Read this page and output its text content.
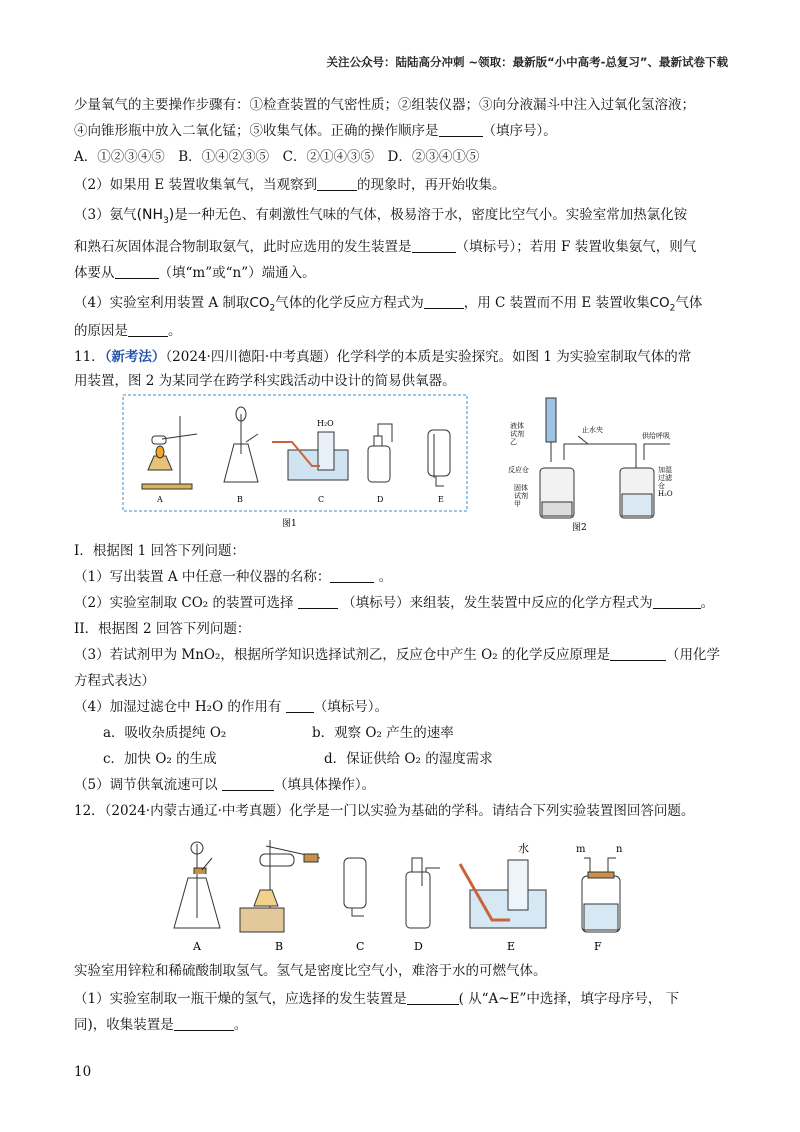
关注公众号：陆陆高分冲刺 ~领取：最新版“小中高考-总复习”、最新试卷下载
少量氧气的主要操作步骤有：①检查装置的气密性质；②组装仪器；③向分液漏斗中注入过氧化氢溶液；
④向锥形瓶中放入二氧化锰；⑤收集气体。正确的操作顺序是	（填序号）。
A．①②③④⑤　B．①④②③⑤　C．②①④③⑤　D．②③④①⑤
（2）如果用 E 装置收集氧气，当观察到	的现象时，再开始收集。
（3）氨气$(NH_3)$是一种无色、有刺激性气味的气体，极易溶于水，密度比空气小。实验室常加热氯化铵
和熟石灰固体混合物制取氨气，此时应选用的发生装置是	（填标号）；若用 F 装置收集氨气，则气
体要从	（填“m”或“n”）端通入。
（4）实验室利用装置 A 制取$CO_2$气体的化学反应方程式为	，用 C 装置而不用 E 装置收集$CO_2$气体
的原因是	。
11．（新考法）（2024·四川德阳·中考真题）化学科学的本质是实验探究。如图 1 为实验室制取气体的常
用装置，图 2 为某同学在跨学科实践活动中设计的简易供氧器。
H₂O
A	B	C	D	E
图1
液体
试剂
乙
止水夹
供给呼吸
反应仓
固体
试剂
甲
加湿
过滤
仓
H₂O
图2
I．根据图 1 回答下列问题：
（1）写出装置 A 中任意一种仪器的名称：	。
（2）实验室制取 CO₂ 的装置可选择	（填标号）来组装，发生装置中反应的化学方程式为	。
II．根据图 2 回答下列问题：
（3）若试剂甲为 MnO₂，根据所学知识选择试剂乙，反应仓中产生 O₂ 的化学反应原理是	（用化学
方程式表达）
（4）加湿过滤仓中 H₂O 的作用有 （填标号）。
a．吸收杂质提纯 O₂	b．观察 O₂ 产生的速率
c．加快 O₂ 的生成	d．保证供给 O₂ 的湿度需求
（5）调节供氧流速可以	（填具体操作）。
12．（2024·内蒙古通辽·中考真题）化学是一门以实验为基础的学科。请结合下列实验装置图回答问题。
水	m	n
A	B	C	D	E	F
实验室用锌粒和稀硫酸制取氢气。氢气是密度比空气小，难溶于水的可燃气体。
（1）实验室制取一瓶干燥的氢气，应选择的发生装置是	( 从“A~E”中选择，填字母序号， 下
同)，收集装置是	。
10
